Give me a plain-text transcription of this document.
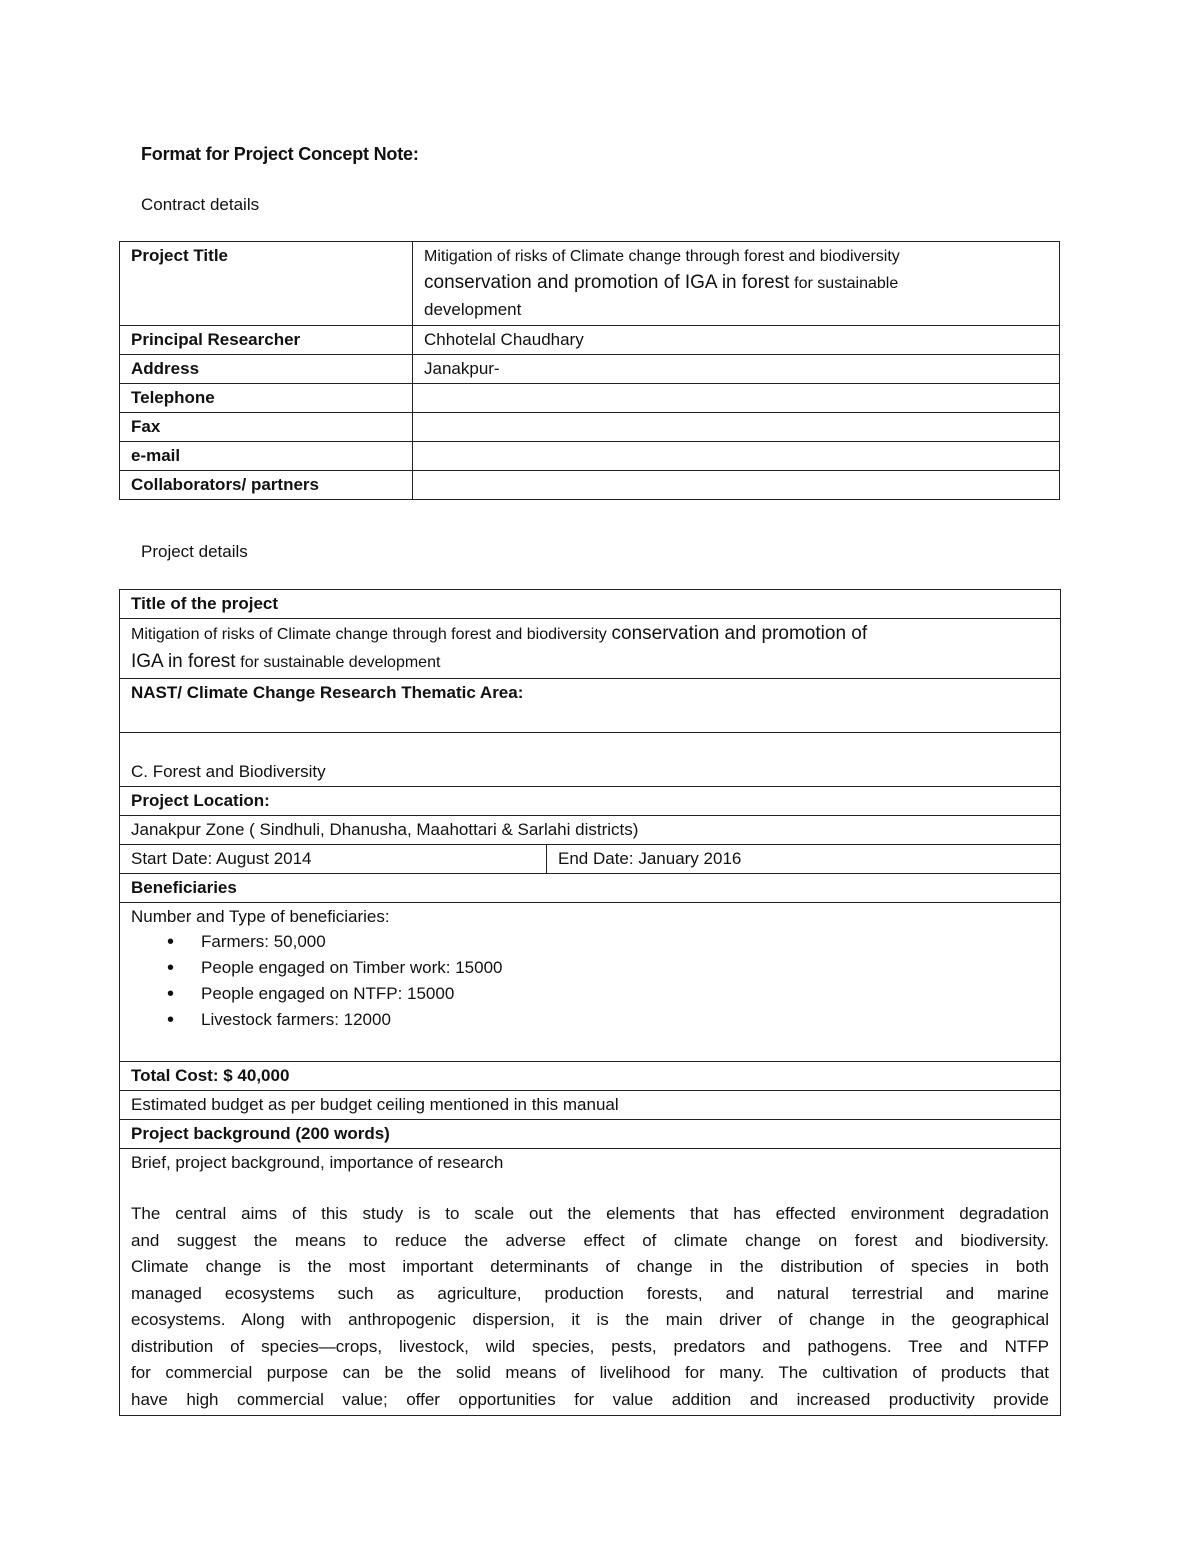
Format for Project Concept Note:
Contract details
Project Title	Mitigation of risks of Climate change through forest and biodiversity
conservation and promotion of IGA in forest for sustainable
development
Principal Researcher	Chhotelal Chaudhary
Address	Janakpur-
Telephone	
Fax	
e-mail	
Collaborators/ partners	
Project details
Title of the project
Mitigation of risks of Climate change through forest and biodiversity conservation and promotion of
IGA in forest for sustainable development
NAST/ Climate Change Research Thematic Area:
C. Forest and Biodiversity
Project Location:
Janakpur Zone ( Sindhuli, Dhanusha, Maahottari & Sarlahi districts)
Start Date: August 2014	End Date: January 2016
Beneficiaries

Number and Type of beneficiaries:
• Farmers: 50,000
• People engaged on Timber work: 15000
• People engaged on NTFP: 15000
• Livestock farmers: 12000

Total Cost: $ 40,000
Estimated budget as per budget ceiling mentioned in this manual
Project background (200 words)

Brief, project background, importance of research
The central aims of this study is to scale out the elements that has effected environment degradation
and suggest the means to reduce the adverse effect of climate change on forest and biodiversity.
Climate change is the most important determinants of change in the distribution of species in both
managed ecosystems such as agriculture, production forests, and natural terrestrial and marine
ecosystems. Along with anthropogenic dispersion, it is the main driver of change in the geographical
distribution of species—crops, livestock, wild species, pests, predators and pathogens. Tree and NTFP
for commercial purpose can be the solid means of livelihood for many. The cultivation of products that
have high commercial value; offer opportunities for value addition and increased productivity provide
